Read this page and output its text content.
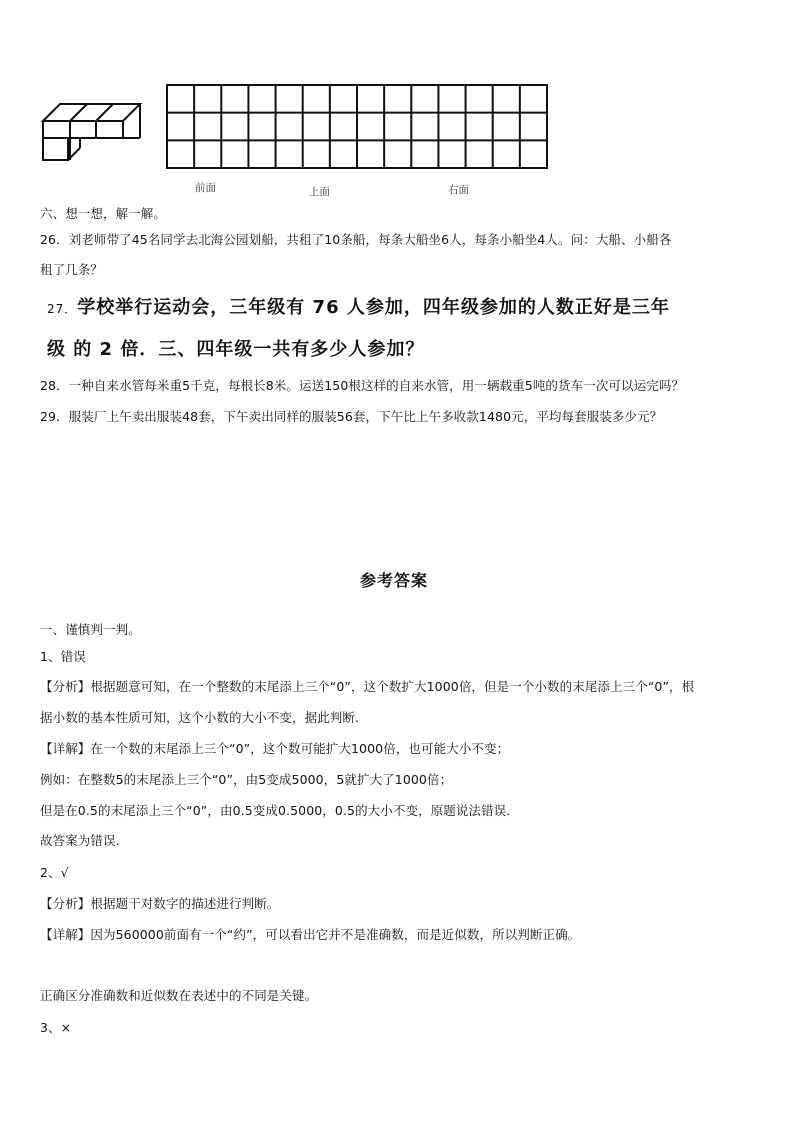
前面	上面	右面
六、想一想，解一解。
26．刘老师带了45名同学去北海公园划船，共租了10条船，每条大船坐6人，每条小船坐4人。问：大船、小船各
租了几条？
27．学校举行运动会，三年级有 76 人参加，四年级参加的人数正好是三年
级 的 2 倍．三、四年级一共有多少人参加？
28．一种自来水管每米重5千克，每根长8米。运送150根这样的自来水管，用一辆载重5吨的货车一次可以运完吗？
29．服装厂上午卖出服装48套，下午卖出同样的服装56套，下午比上午多收款1480元，平均每套服装多少元？
参考答案
一、谨慎判一判。
1、错误
【分析】根据题意可知，在一个整数的末尾添上三个“0”，这个数扩大1000倍，但是一个小数的末尾添上三个“0”，根
据小数的基本性质可知，这个小数的大小不变，据此判断.
【详解】在一个数的末尾添上三个“0”，这个数可能扩大1000倍，也可能大小不变；
例如：在整数5的末尾添上三个“0”，由5变成5000，5就扩大了1000倍；
但是在0.5的末尾添上三个“0”，由0.5变成0.5000，0.5的大小不变，原题说法错误.
故答案为错误.
2、√
【分析】根据题干对数字的描述进行判断。
【详解】因为560000前面有一个“约”，可以看出它并不是准确数，而是近似数，所以判断正确。
正确区分准确数和近似数在表述中的不同是关键。
3、×
